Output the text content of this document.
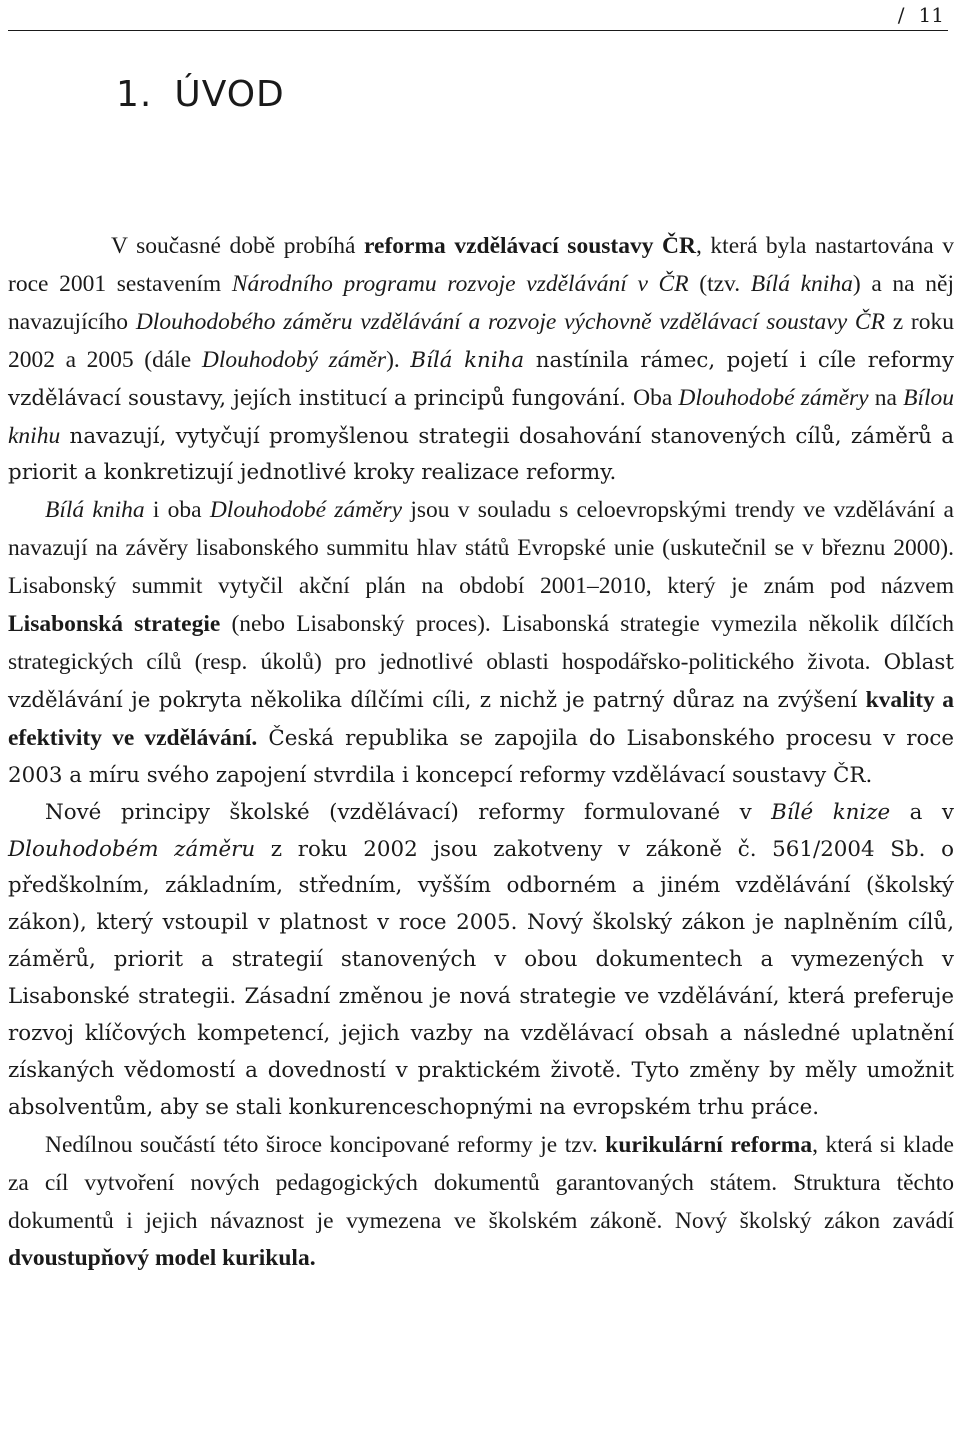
/ 11
1. ÚVOD

V současné době probíhá reforma vzdělávací soustavy ČR, která byla nastartována v roce 2001 sestavením Národního programu rozvoje vzdělávání v ČR (tzv. Bílá kniha) a na něj navazujícího Dlouhodobého záměru vzdělávání a rozvoje výchovně vzdělávací soustavy ČR z roku 2002 a 2005 (dále Dlouhodobý záměr). Bílá kniha nastínila rámec, pojetí i cíle reformy vzdělávací soustavy, jejích institucí a principů fungování. Oba Dlouhodobé záměry na Bílou knihu navazují, vytyčují promyšlenou strategii dosahování stanovených cílů, záměrů a priorit a konkretizují jednotlivé kroky realizace reformy.

Bílá kniha i oba Dlouhodobé záměry jsou v souladu s celoevropskými trendy ve vzdělávání a navazují na závěry lisabonského summitu hlav států Evropské unie (uskutečnil se v březnu 2000). Lisabonský summit vytyčil akční plán na období 2001–2010, který je znám pod názvem Lisabonská strategie (nebo Lisabonský proces). Lisabonská strategie vymezila několik dílčích strategických cílů (resp. úkolů) pro jednotlivé oblasti hospodářsko-politického života. Oblast vzdělávání je pokryta několika dílčími cíli, z nichž je patrný důraz na zvýšení kvality a efektivity ve vzdělávání. Česká republika se zapojila do Lisabonského procesu v roce 2003 a míru svého zapojení stvrdila i koncepcí reformy vzdělávací soustavy ČR.

Nové principy školské (vzdělávací) reformy formulované v Bílé knize a v Dlouhodobém záměru z roku 2002 jsou zakotveny v zákoně č. 561/2004 Sb. o předškolním, základním, středním, vyšším odborném a jiném vzdělávání (školský zákon), který vstoupil v platnost v roce 2005. Nový školský zákon je naplněním cílů, záměrů, priorit a strategií stanovených v obou dokumentech a vymezených v Lisabonské strategii. Zásadní změnou je nová strategie ve vzdělávání, která preferuje rozvoj klíčových kompetencí, jejich vazby na vzdělávací obsah a následné uplatnění získaných vědomostí a dovedností v praktickém životě. Tyto změny by měly umožnit absolventům, aby se stali konkurenceschopnými na evropském trhu práce.

Nedílnou součástí této široce koncipované reformy je tzv. kurikulární reforma, která si klade za cíl vytvoření nových pedagogických dokumentů garantovaných státem. Struktura těchto dokumentů i jejich návaznost je vymezena ve školském zákoně. Nový školský zákon zavádí dvoustupňový model kurikula.
